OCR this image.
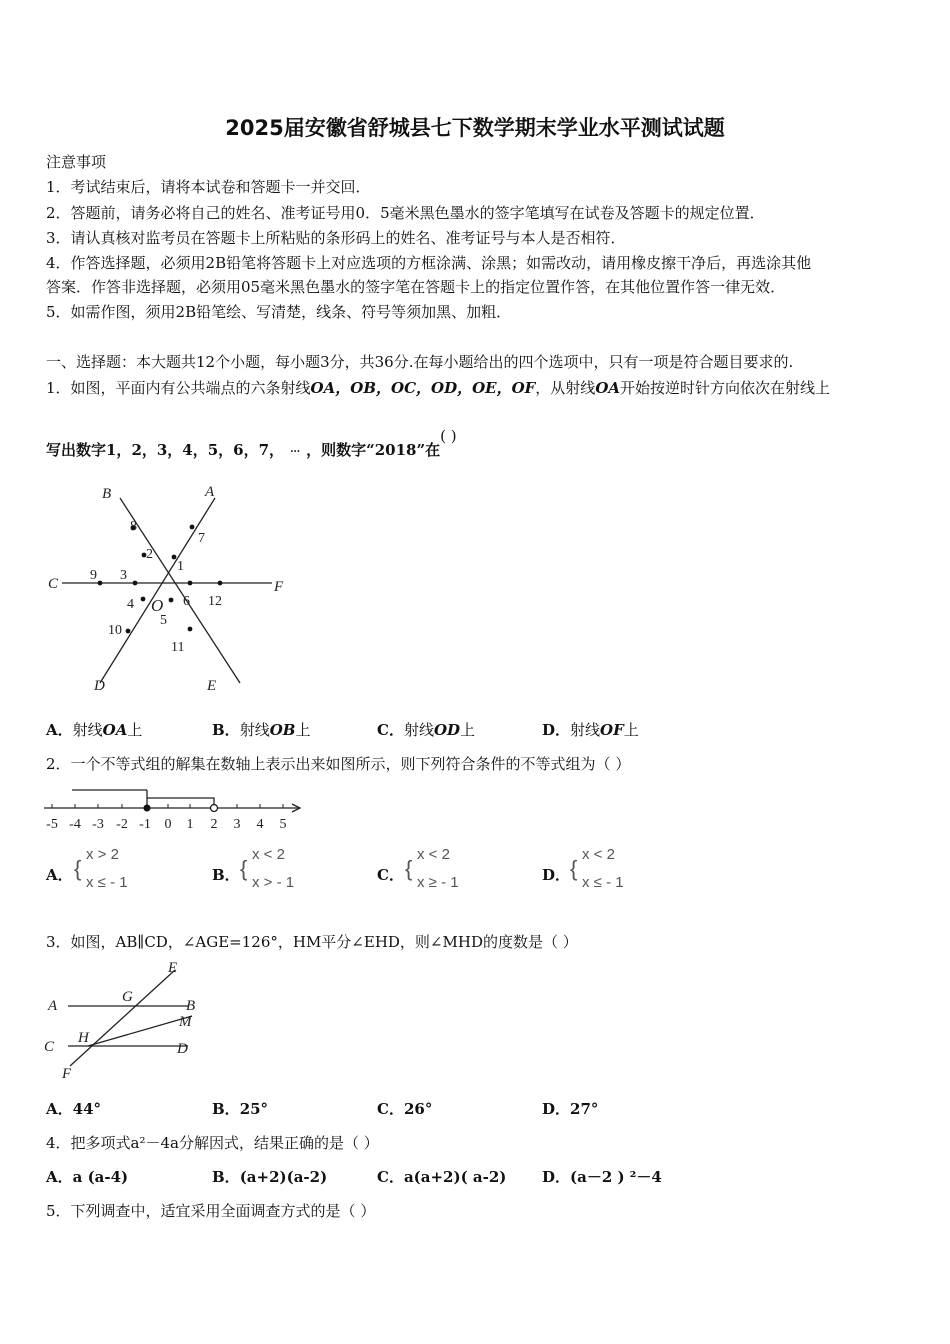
2025届安徽省舒城县七下数学期末学业水平测试试题
注意事项
1．考试结束后，请将本试卷和答题卡一并交回．
2．答题前，请务必将自己的姓名、准考证号用0．5毫米黑色墨水的签字笔填写在试卷及答题卡的规定位置．
3．请认真核对监考员在答题卡上所粘贴的条形码上的姓名、准考证号与本人是否相符．
4．作答选择题，必须用2B铅笔将答题卡上对应选项的方框涂满、涂黑；如需改动，请用橡皮擦干净后，再选涂其他
答案．作答非选择题，必须用05毫米黑色墨水的签字笔在答题卡上的指定位置作答，在其他位置作答一律无效．
5．如需作图，须用2B铅笔绘、写清楚，线条、符号等须加黑、加粗．
一、选择题：本大题共12个小题，每小题3分，共36分.在每小题给出的四个选项中，只有一项是符合题目要求的.
1．如图，平面内有公共端点的六条射线OA，OB，OC，OD，OE，OF，从射线OA开始按逆时针方向依次在射线上
写出数字1，2，3，4，5，6，7， … ，则数字“2018”在( )
B	A
C	F
D	E
O
1
2
3
4
5
6
7
8
9
10
11
12
A．射线OA上	B．射线OB上	C．射线OD上	D．射线OF上
2．一个不等式组的解集在数轴上表示出来如图所示，则下列符合条件的不等式组为（ ）
-5 -4 -3 -2 -1 0 1 2 3 4 5
A． {
x > 2
x ≤ - 1	B． {
x < 2
x > - 1	C． {
x < 2
x ≥ - 1	D． {
x < 2
x ≤ - 1
3．如图，AB∥CD，∠AGE=126°，HM平分∠EHD，则∠MHD的度数是（ ）
A	B
C	D
E
F
G
H
M
A．44°	B．25°	C．26°	D．27°
4．把多项式a²－4a分解因式，结果正确的是（ ）
A．a (a-4)	B．(a+2)(a-2)	C．a(a+2)( a-2) D．(a－2 ) ²－4
5．下列调查中，适宜采用全面调查方式的是（ ）
